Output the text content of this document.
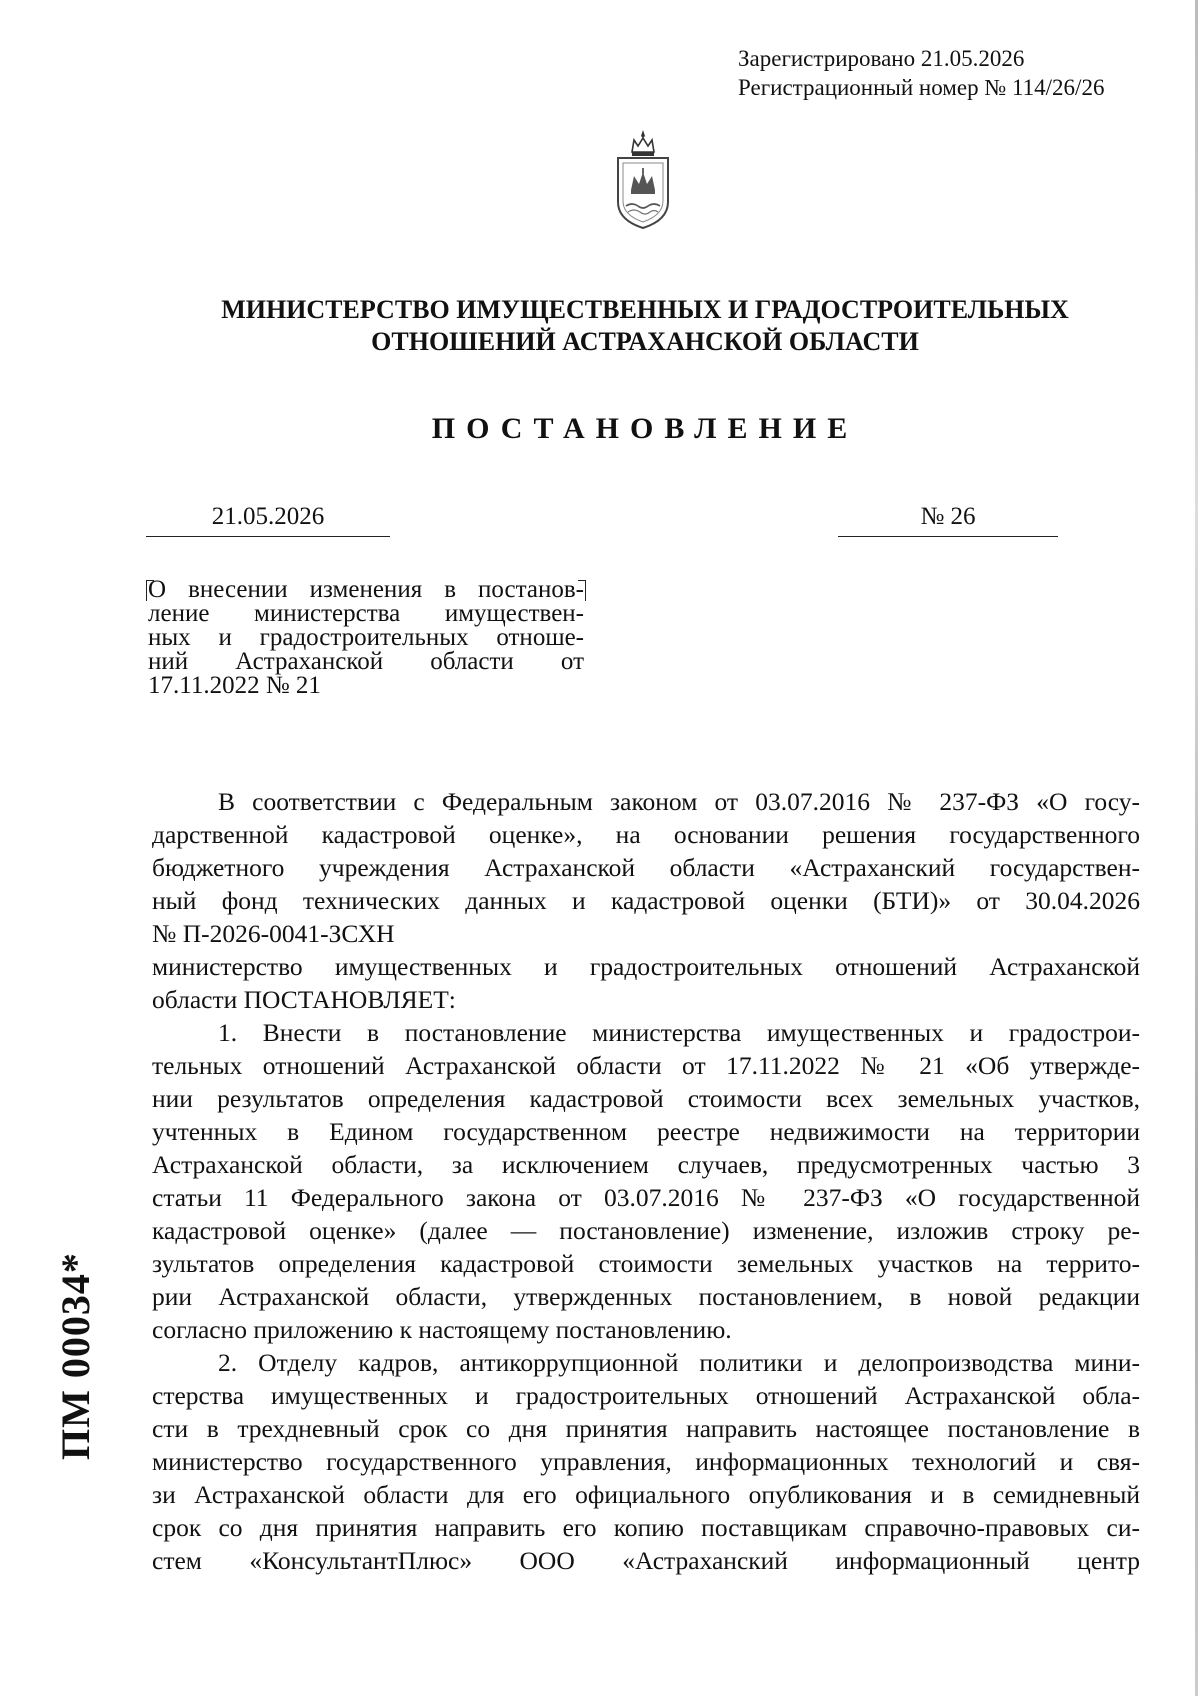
Зарегистрировано 21.05.2026
Регистрационный номер № 114/26/26
МИНИСТЕРСТВО ИМУЩЕСТВЕННЫХ И ГРАДОСТРОИТЕЛЬНЫХ
ОТНОШЕНИЙ АСТРАХАНСКОЙ ОБЛАСТИ
ПОСТАНОВЛЕНИЕ
21.05.2026	№ 26
О внесении изменения в постанов-
ление министерства имуществен-
ных и градостроительных отноше-
ний Астраханской области от
17.11.2022 № 21
В соответствии с Федеральным законом от 03.07.2016 № 237-ФЗ «О госу-
дарственной кадастровой оценке», на основании решения государственного
бюджетного учреждения Астраханской области «Астраханский государствен-
ный фонд технических данных и кадастровой оценки (БТИ)» от 30.04.2026
№ П-2026-0041-ЗСХН
министерство имущественных и градостроительных отношений Астраханской
области ПОСТАНОВЛЯЕТ:
1. Внести в постановление министерства имущественных и градострои-
тельных отношений Астраханской области от 17.11.2022 № 21 «Об утвержде-
нии результатов определения кадастровой стоимости всех земельных участков,
учтенных в Едином государственном реестре недвижимости на территории
Астраханской области, за исключением случаев, предусмотренных частью 3
статьи 11 Федерального закона от 03.07.2016 № 237-ФЗ «О государственной
кадастровой оценке» (далее — постановление) изменение, изложив строку ре-
зультатов определения кадастровой стоимости земельных участков на террито-
рии Астраханской области, утвержденных постановлением, в новой редакции
согласно приложению к настоящему постановлению.
2. Отделу кадров, антикоррупционной политики и делопроизводства мини-
стерства имущественных и градостроительных отношений Астраханской обла-
сти в трехдневный срок со дня принятия направить настоящее постановление в
министерство государственного управления, информационных технологий и свя-
зи Астраханской области для его официального опубликования и в семидневный
срок со дня принятия направить его копию поставщикам справочно-правовых си-
стем «КонсультантПлюс» ООО «Астраханский информационный центр
ПМ 00034*
